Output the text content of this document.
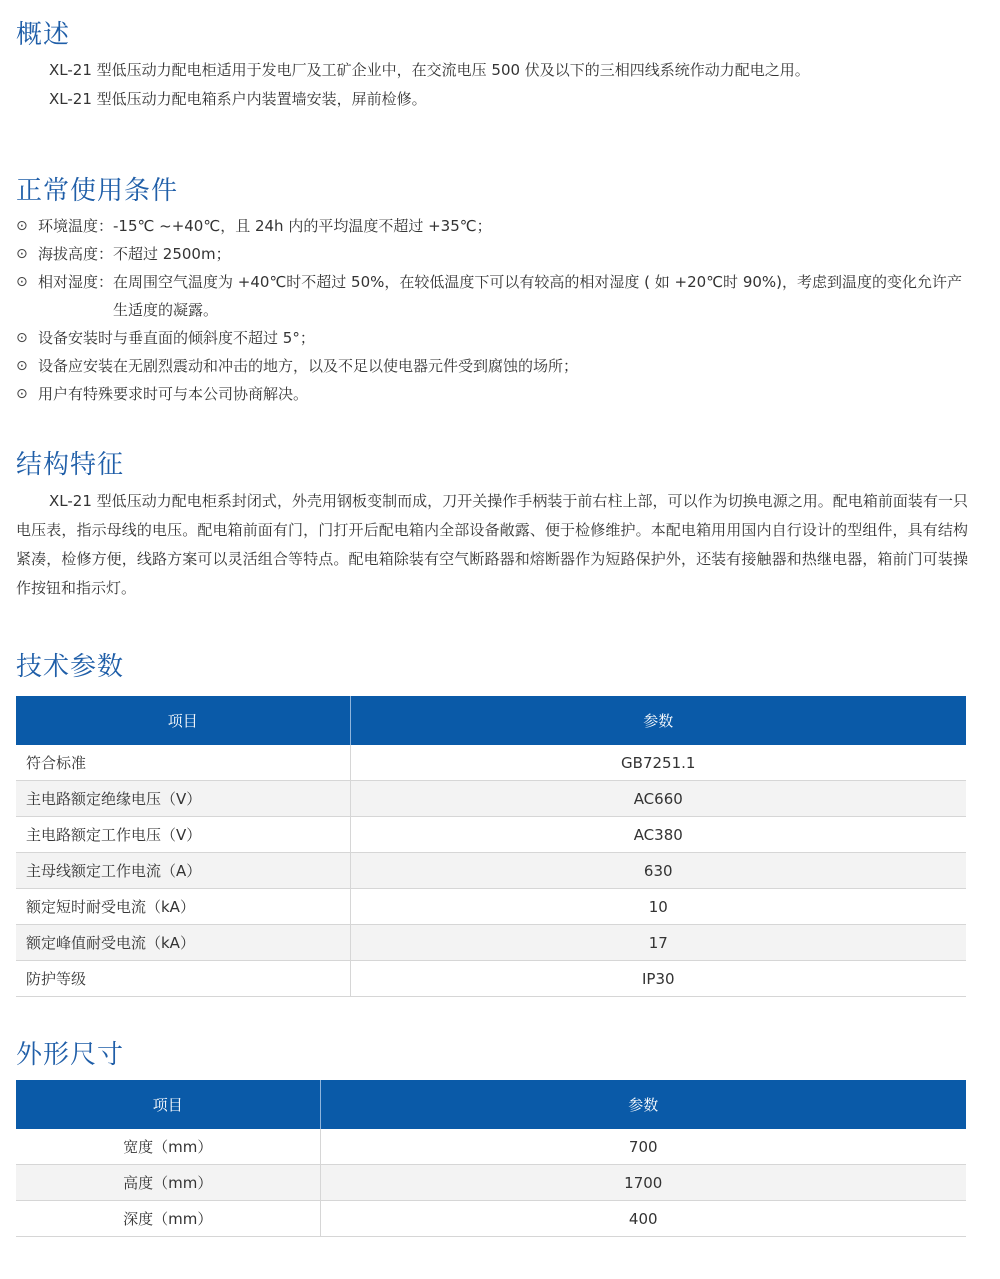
概述

XL-21 型低压动力配电柜适用于发电厂及工矿企业中，在交流电压 500 伏及以下的三相四线系统作动力配电之用。

XL-21 型低压动力配电箱系户内装置墙安装，屏前检修。

正常使用条件
⊙ 环境温度： -15℃ ~+40℃，且 24h 内的平均温度不超过 +35℃；
⊙ 海拔高度： 不超过 2500m；
⊙ 相对湿度： 在周围空气温度为 +40℃时不超过 50%，在较低温度下可以有较高的相对湿度 ( 如 +20℃时 90%)，考虑到温度的变化允许产生适度的凝露。
⊙ 设备安装时与垂直面的倾斜度不超过 5°；
⊙ 设备应安装在无剧烈震动和冲击的地方，以及不足以使电器元件受到腐蚀的场所；
⊙ 用户有特殊要求时可与本公司协商解决。
结构特征

XL-21 型低压动力配电柜系封闭式，外壳用钢板变制而成，刀开关操作手柄装于前右柱上部，可以作为切换电源之用。配电箱前面装有一只电压表，指示母线的电压。配电箱前面有门，门打开后配电箱内全部设备敞露、便于检修维护。本配电箱用用国内自行设计的型组件，具有结构紧凑，检修方便，线路方案可以灵活组合等特点。配电箱除装有空气断路器和熔断器作为短路保护外，还装有接触器和热继电器，箱前门可装操作按钮和指示灯。

技术参数
项目	参数
符合标准	GB7251.1
主电路额定绝缘电压（V）	AC660
主电路额定工作电压（V）	AC380
主母线额定工作电流（A）	630
额定短时耐受电流（kA）	10
额定峰值耐受电流（kA）	17
防护等级	IP30
外形尺寸
项目	参数
宽度（mm）	700
高度（mm）	1700
深度（mm）	400
